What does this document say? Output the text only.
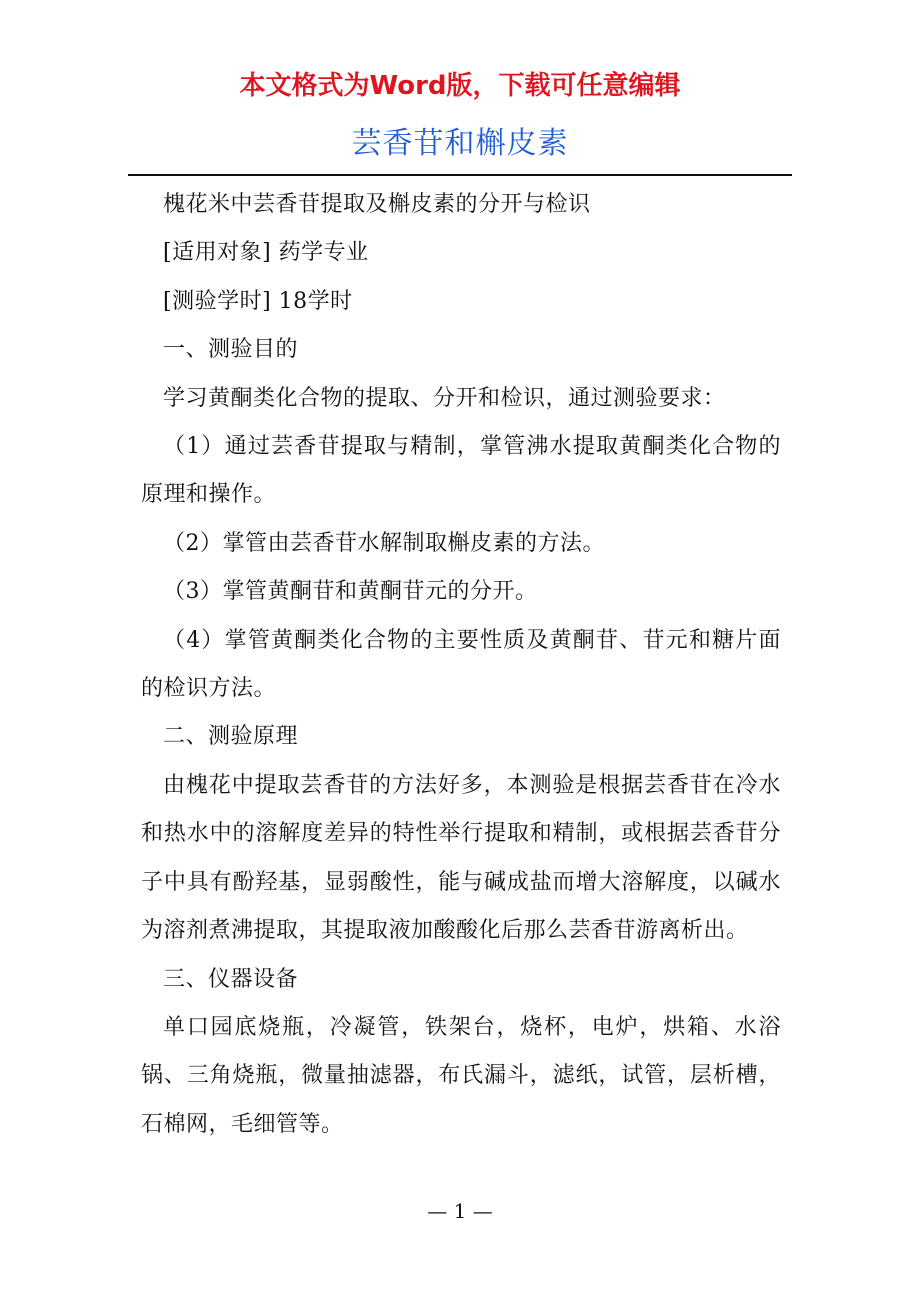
本文格式为Word版，下载可任意编辑
芸香苷和槲皮素

槐花米中芸香苷提取及槲皮素的分开与检识

[适用对象] 药学专业

[测验学时] 18学时

一、测验目的

学习黄酮类化合物的提取、分开和检识，通过测验要求：

（1）通过芸香苷提取与精制，掌管沸水提取黄酮类化合物的原理和操作。

（2）掌管由芸香苷水解制取槲皮素的方法。

（3）掌管黄酮苷和黄酮苷元的分开。

（4）掌管黄酮类化合物的主要性质及黄酮苷、苷元和糖片面的检识方法。

二、测验原理

由槐花中提取芸香苷的方法好多，本测验是根据芸香苷在冷水和热水中的溶解度差异的特性举行提取和精制，或根据芸香苷分子中具有酚羟基，显弱酸性，能与碱成盐而增大溶解度，以碱水为溶剂煮沸提取，其提取液加酸酸化后那么芸香苷游离析出。

三、仪器设备

单口园底烧瓶，冷凝管，铁架台，烧杯，电炉，烘箱、水浴锅、三角烧瓶，微量抽滤器，布氏漏斗，滤纸，试管，层析槽，石棉网，毛细管等。

— 1 —
